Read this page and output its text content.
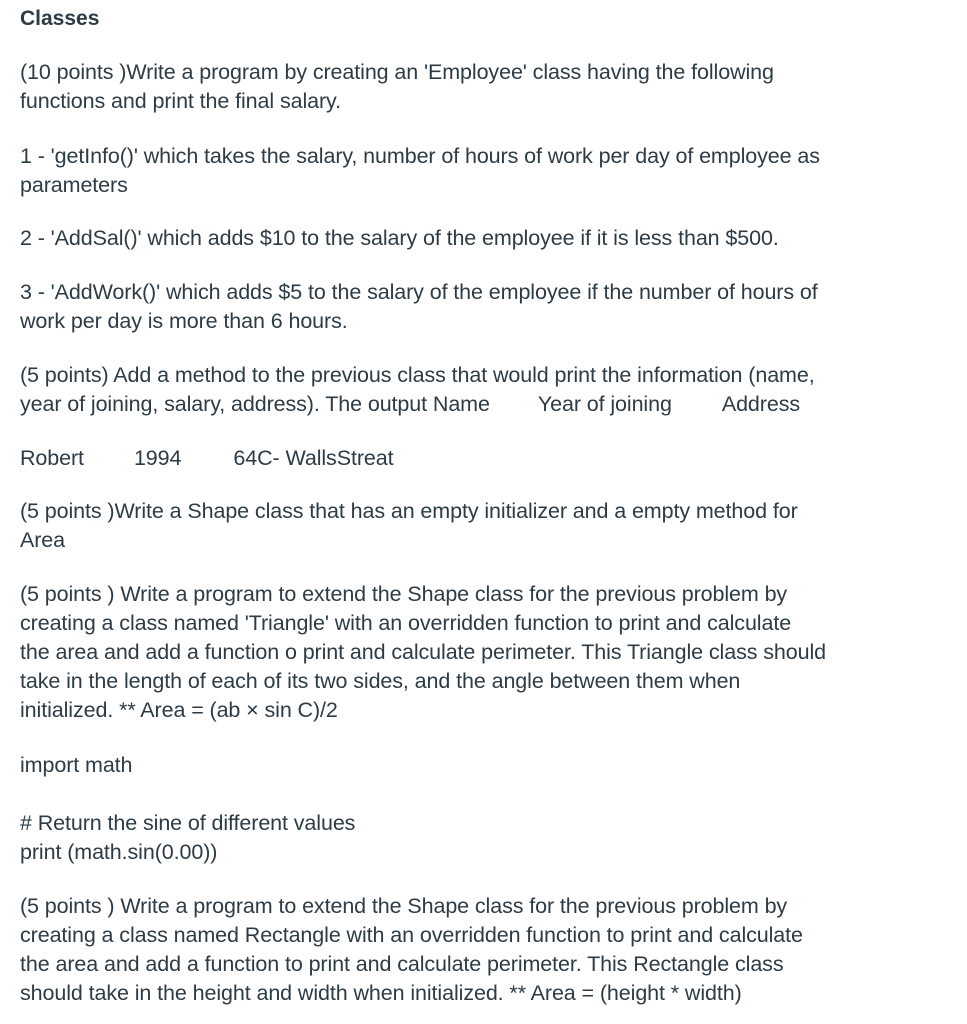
Classes
(10 points )Write a program by creating an 'Employee' class having the following
functions and print the final salary.
1 - 'getInfo()' which takes the salary, number of hours of work per day of employee as
parameters
2 - 'AddSal()' which adds $10 to the salary of the employee if it is less than $500.
3 - 'AddWork()' which adds $5 to the salary of the employee if the number of hours of
work per day is more than 6 hours.
(5 points) Add a method to the previous class that would print the information (name,
year of joining, salary, address). The output Name Year of joining Address
Robert 1994 64C- WallsStreat
(5 points )Write a Shape class that has an empty initializer and a empty method for
Area
(5 points ) Write a program to extend the Shape class for the previous problem by
creating a class named 'Triangle' with an overridden function to print and calculate
the area and add a function o print and calculate perimeter. This Triangle class should
take in the length of each of its two sides, and the angle between them when
initialized. ** Area = (ab × sin C)/2
import math
# Return the sine of different values
print (math.sin(0.00))
(5 points ) Write a program to extend the Shape class for the previous problem by
creating a class named Rectangle with an overridden function to print and calculate
the area and add a function to print and calculate perimeter. This Rectangle class
should take in the height and width when initialized. ** Area = (height * width)
